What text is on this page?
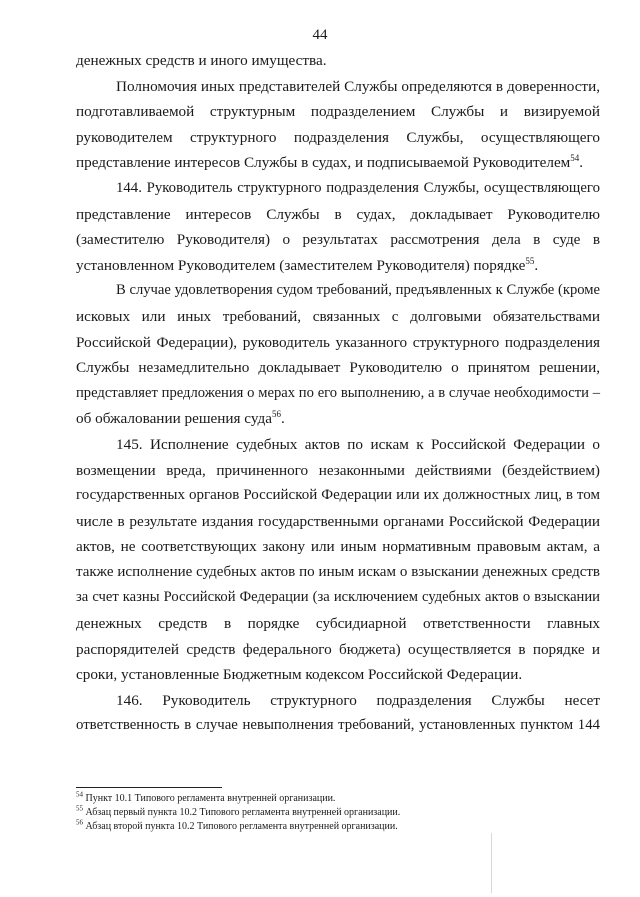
44
денежных средств и иного имущества.
Полномочия иных представителей Службы определяются в доверенности,
подготавливаемой структурным подразделением Службы и визируемой
руководителем структурного подразделения Службы, осуществляющего
представление интересов Службы в судах, и подписываемой Руководителем$^{54}$.
144. Руководитель структурного подразделения Службы, осуществляющего
представление интересов Службы в судах, докладывает Руководителю
(заместителю Руководителя) о результатах рассмотрения дела в суде в
установленном Руководителем (заместителем Руководителя) порядке$^{55}$.
В случае удовлетворения судом требований, предъявленных к Службе (кроме
исковых или иных требований, связанных с долговыми обязательствами
Российской Федерации), руководитель указанного структурного подразделения
Службы незамедлительно докладывает Руководителю о принятом решении,
представляет предложения о мерах по его выполнению, а в случае необходимости –
об обжаловании решения суда$^{56}$.
145. Исполнение судебных актов по искам к Российской Федерации о
возмещении вреда, причиненного незаконными действиями (бездействием)
государственных органов Российской Федерации или их должностных лиц, в том
числе в результате издания государственными органами Российской Федерации
актов, не соответствующих закону или иным нормативным правовым актам, а
также исполнение судебных актов по иным искам о взыскании денежных средств
за счет казны Российской Федерации (за исключением судебных актов о взыскании
денежных средств в порядке субсидиарной ответственности главных
распорядителей средств федерального бюджета) осуществляется в порядке и
сроки, установленные Бюджетным кодексом Российской Федерации.
146. Руководитель структурного подразделения Службы несет
ответственность в случае невыполнения требований, установленных пунктом 144
$^{54}$ Пункт 10.1 Типового регламента внутренней организации.
$^{55}$ Абзац первый пункта 10.2 Типового регламента внутренней организации.
$^{56}$ Абзац второй пункта 10.2 Типового регламента внутренней организации.
